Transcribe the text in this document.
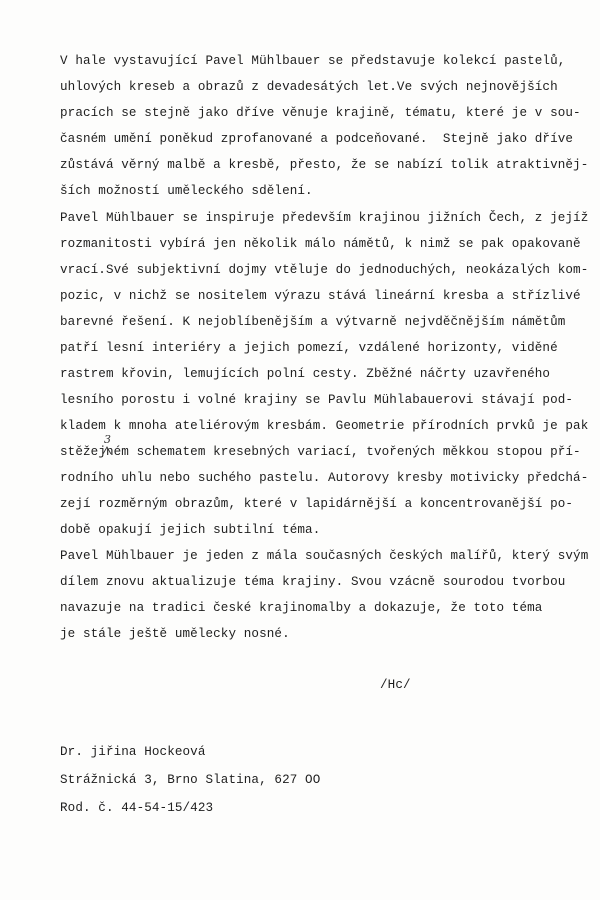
V hale vystavující Pavel Mühlbauer se představuje kolekcí pastelů,
uhlových kreseb a obrazů z devadesátých let.Ve svých nejnovějších
pracích se stejně jako dříve věnuje krajině, tématu, které je v sou-
časném umění poněkud zprofanované a podceňované.  Stejně jako dříve
zůstává věrný malbě a kresbě, přesto, že se nabízí tolik atraktivněj-
ších možností uměleckého sdělení.
Pavel Mühlbauer se inspiruje především krajinou jižních Čech, z jejíž
rozmanitosti vybírá jen několik málo námětů, k nimž se pak opakovaně
vrací.Své subjektivní dojmy vtěluje do jednoduchých, neokázalých kom-
pozic, v nichž se nositelem výrazu stává lineární kresba a střízlivé
barevné řešení. K nejoblíbenějším a výtvarně nejvděčnějším námětům
patří lesní interiéry a jejich pomezí, vzdálené horizonty, viděné
rastrem křovin, lemujících polní cesty. Zběžné náčrty uzavřeného
lesního porostu i volné krajiny se Pavlu Mühlabauerovi stávají pod-
kladem k mnoha ateliérovým kresbám. Geometrie přírodních prvků je pak
stěžejném schematem kresebných variací, tvořených měkkou stopou pří-
rodního uhlu nebo suchého pastelu. Autorovy kresby motivicky předchá-
zejí rozměrným obrazům, které v lapidárnější a koncentrovanější po-
době opakují jejich subtilní téma.
Pavel Mühlbauer je jeden z mála současných českých malířů, který svým
dílem znovu aktualizuje téma krajiny. Svou vzácně sourodou tvorbou
navazuje na tradici české krajinomalby a dokazuje, že toto téma
je stále ještě umělecky nosné.
3
/Hc/
Dr. jiřina Hockeová
Strážnická 3, Brno Slatina, 627 OO
Rod. č. 44-54-15/423
